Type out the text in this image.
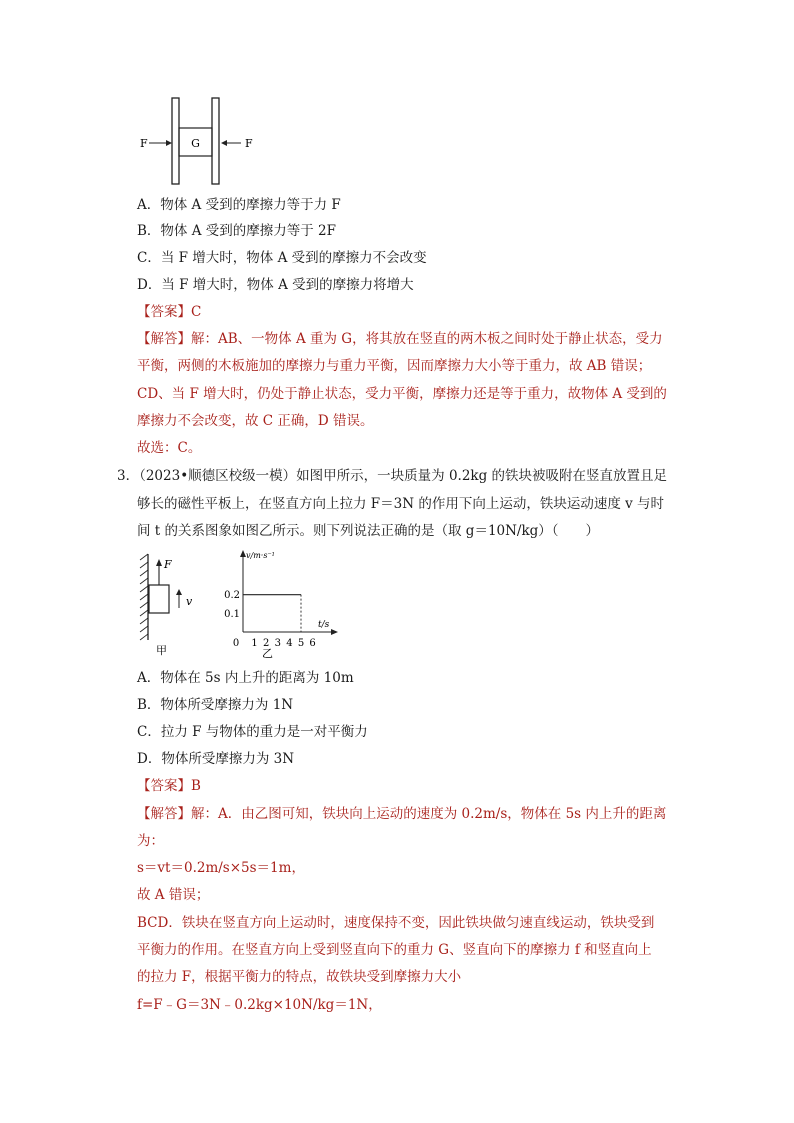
G
F	F
A．物体 A 受到的摩擦力等于力 F
B．物体 A 受到的摩擦力等于 2F
C．当 F 增大时，物体 A 受到的摩擦力不会改变
D．当 F 增大时，物体 A 受到的摩擦力将增大
【答案】C
【解答】解：AB、一物体 A 重为 G，将其放在竖直的两木板之间时处于静止状态，受力
平衡，两侧的木板施加的摩擦力与重力平衡，因而摩擦力大小等于重力，故 AB 错误；
CD、当 F 增大时，仍处于静止状态，受力平衡，摩擦力还是等于重力，故物体 A 受到的
摩擦力不会改变，故 C 正确，D 错误。
故选：C。
3．（2023•顺德区校级一模）如图甲所示，一块质量为 0.2kg 的铁块被吸附在竖直放置且足
够长的磁性平板上，在竖直方向上拉力 F＝3N 的作用下向上运动，铁块运动速度 v 与时
间 t 的关系图象如图乙所示。则下列说法正确的是（取 g＝10N/kg）（　　）
F
v
甲
v/m·s⁻¹
t/s
0 1 2 3 4 5 6
0.1
0.2
乙
A．物体在 5s 内上升的距离为 10m
B．物体所受摩擦力为 1N
C．拉力 F 与物体的重力是一对平衡力
D．物体所受摩擦力为 3N
【答案】B
【解答】解：A．由乙图可知，铁块向上运动的速度为 0.2m/s，物体在 5s 内上升的距离
为：
s＝vt＝0.2m/s×5s＝1m，
故 A 错误；
BCD．铁块在竖直方向上运动时，速度保持不变，因此铁块做匀速直线运动，铁块受到
平衡力的作用。在竖直方向上受到竖直向下的重力 G、竖直向下的摩擦力 f 和竖直向上
的拉力 F，根据平衡力的特点，故铁块受到摩擦力大小
f=F﹣G＝3N﹣0.2kg×10N/kg＝1N，
